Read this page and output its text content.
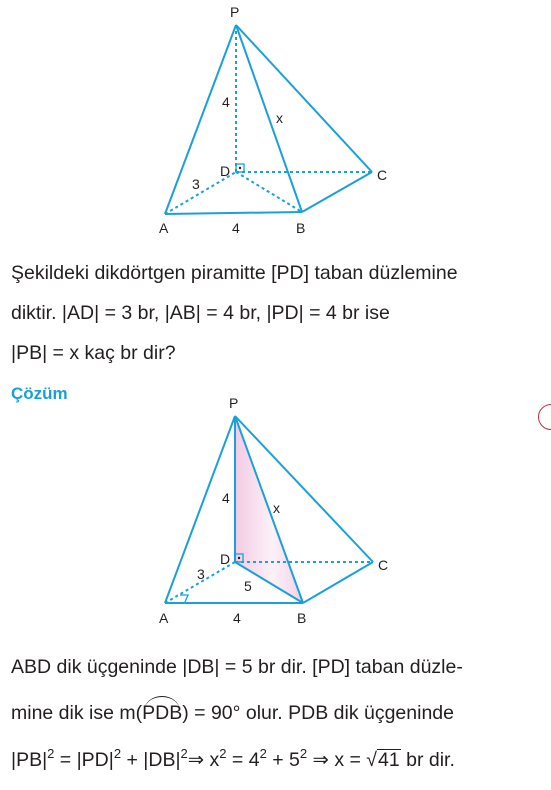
P
D	C
A	B
4
x
3
4
Şekildeki dikdörtgen piramitte [PD] taban düzlemine
diktir. |AD| = 3 br, |AB| = 4 br, |PD| = 4 br ise
|PB| = x kaç br dir?
Çözüm	P
D	C
A	B
4
x
3
5
4
ABD dik üçgeninde |DB| = 5 br dir. [PD] taban düzle-
mine dik ise m(PDB) = 90° olur. PDB dik üçgeninde
$|PB|^2 = |PD|^2$ + $|DB|^2\Rightarrow$ $x^2 = 4^2 + 5^2$ ⇒ x = √41 br dir.
